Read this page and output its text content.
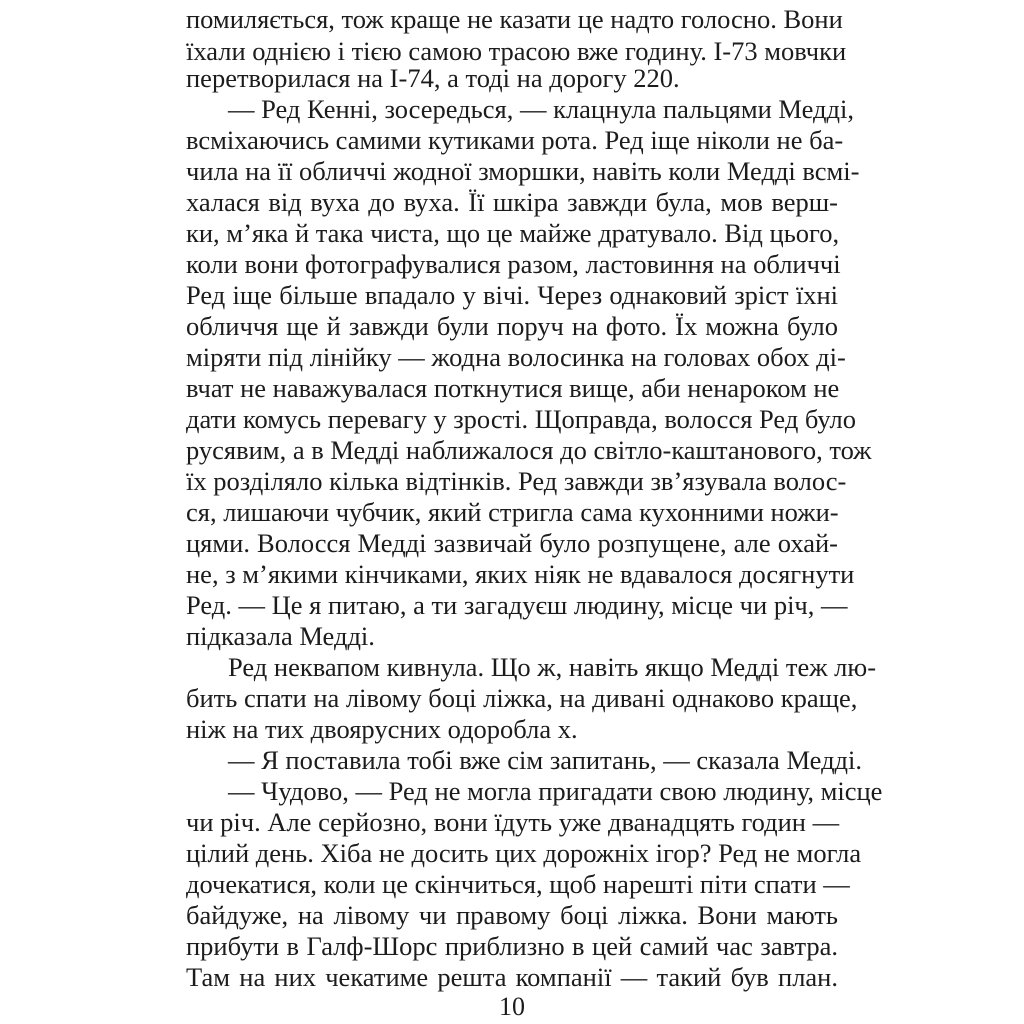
помиляється, тож краще не казати це надто голосно. Вони
їхали однією і тією самою трасою вже годину. І-73 мовчки
перетворилася на І-74, а тоді на дорогу 220.
— Ред Кенні, зосередься, — клацнула пальцями Медді,
всміхаючись самими кутиками рота. Ред іще ніколи не ба-
чила на її обличчі жодної зморшки, навіть коли Медді всмі-
халася від вуха до вуха. Її шкіра завжди була, мов верш-
ки, м’яка й така чиста, що це майже дратувало. Від цього,
коли вони фотографувалися разом, ластовиння на обличчі
Ред іще більше впадало у вічі. Через однаковий зріст їхні
обличчя ще й завжди були поруч на фото. Їх можна було
міряти під лінійку — жодна волосинка на головах обох ді-
вчат не наважувалася поткнутися вище, аби ненароком не
дати комусь перевагу у зрості. Щоправда, волосся Ред було
русявим, а в Медді наближалося до світло-каштанового, тож
їх розділяло кілька відтінків. Ред завжди зв’язувала волос-
ся, лишаючи чубчик, який стригла сама кухонними ножи-
цями. Волосся Медді зазвичай було розпущене, але охай-
не, з м’якими кінчиками, яких ніяк не вдавалося досягнути
Ред. — Це я питаю, а ти загадуєш людину, місце чи річ, —
підказала Медді.
Ред неквапом кивнула. Що ж, навіть якщо Медді теж лю-
бить спати на лівому боці ліжка, на дивані однаково краще,
ніж на тих двоярусних одоробла х.
— Я поставила тобі вже сім запитань, — сказала Медді.
— Чудово, — Ред не могла пригадати свою людину, місце
чи річ. Але серйозно, вони їдуть уже дванадцять годин —
цілий день. Хіба не досить цих дорожніх ігор? Ред не могла
дочекатися, коли це скінчиться, щоб нарешті піти спати —
байдуже, на лівому чи правому боці ліжка. Вони мають
прибути в Галф-Шорс приблизно в цей самий час завтра.
Там на них чекатиме решта компанії — такий був план.
10
